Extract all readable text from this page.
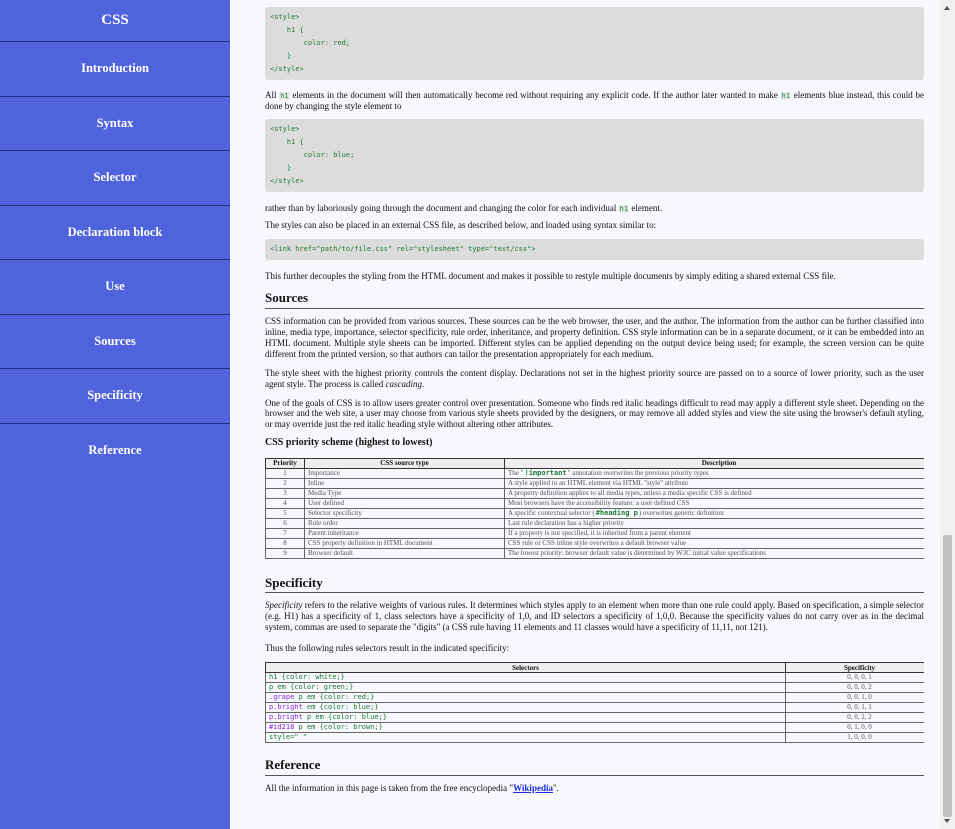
CSS
Introduction
Syntax
Selector
Declaration block
Use
Sources
Specificity
Reference
<style>
h1 {
color: red;
}
</style>

All h1 elements in the document will then automatically become red without requiring any explicit code. If the author later wanted to make h1 elements blue instead, this could be done by changing the style element to

<style>
h1 {
color: blue;
}
</style>

rather than by laboriously going through the document and changing the color for each individual h1 element.

The styles can also be placed in an external CSS file, as described below, and loaded using syntax similar to:

<link href="path/to/file.css" rel="stylesheet" type="text/css">

This further decouples the styling from the HTML document and makes it possible to restyle multiple documents by simply editing a shared external CSS file.

Sources

CSS information can be provided from various sources. These sources can be the web browser, the user, and the author. The information from the author can be further classified into inline, media type, importance, selector specificity, rule order, inheritance, and property definition. CSS style information can be in a separate document, or it can be embedded into an HTML document. Multiple style sheets can be imported. Different styles can be applied depending on the output device being used; for example, the screen version can be quite different from the printed version, so that authors can tailor the presentation appropriately for each medium.

The style sheet with the highest priority controls the content display. Declarations not set in the highest priority source are passed on to a source of lower priority, such as the user agent style. The process is called cascading.

One of the goals of CSS is to allow users greater control over presentation. Someone who finds red italic headings difficult to read may apply a different style sheet. Depending on the browser and the web site, a user may choose from various style sheets provided by the designers, or may remove all added styles and view the site using the browser's default styling, or may override just the red italic heading style without altering other attributes.

CSS priority scheme (highest to lowest)
Priority	CSS source type	Description
1	Importance	The "!important" annotation overwrites the previous priority types
2	Inline	A style applied to an HTML element via HTML "style" attribute
3	Media Type	A property definition applies to all media types, unless a media specific CSS is defined
4	User defined	Most browsers have the accessibility feature: a user defined CSS
5	Selector specificity	A specific contextual selector (#heading p) overwrites generic definition
6	Rule order	Last rule declaration has a higher priority
7	Parent inheritance	If a property is not specified, it is inherited from a parent element
8	CSS property definition in HTML document	CSS rule or CSS inline style overwrites a default browser value
9	Browser default	The lowest priority: browser default value is determined by W3C initial value specifications
Specificity

Specificity refers to the relative weights of various rules. It determines which styles apply to an element when more than one rule could apply. Based on specification, a simple selector (e.g. H1) has a specificity of 1, class selectors have a specificity of 1,0, and ID selectors a specificity of 1,0,0. Because the specificity values do not carry over as in the decimal system, commas are used to separate the "digits" (a CSS rule having 11 elements and 11 classes would have a specificity of 11,11, not 121).

Thus the following rules selectors result in the indicated specificity:

Selectors	Specificity
h1 {color: white;}	0, 0, 0, 1
p em {color: green;}	0, 0, 0, 2
.grape p em {color: red;}	0, 0, 1, 0
p.bright em {color: blue;}	0, 0, 1, 1
p.bright p em {color: blue;}	0, 0, 2, 2
#id218 p em {color: brown;}	0, 1, 0, 0
style=" "	1, 0, 0, 0
Reference

All the information in this page is taken from the free encyclopedia "Wikipedia".
